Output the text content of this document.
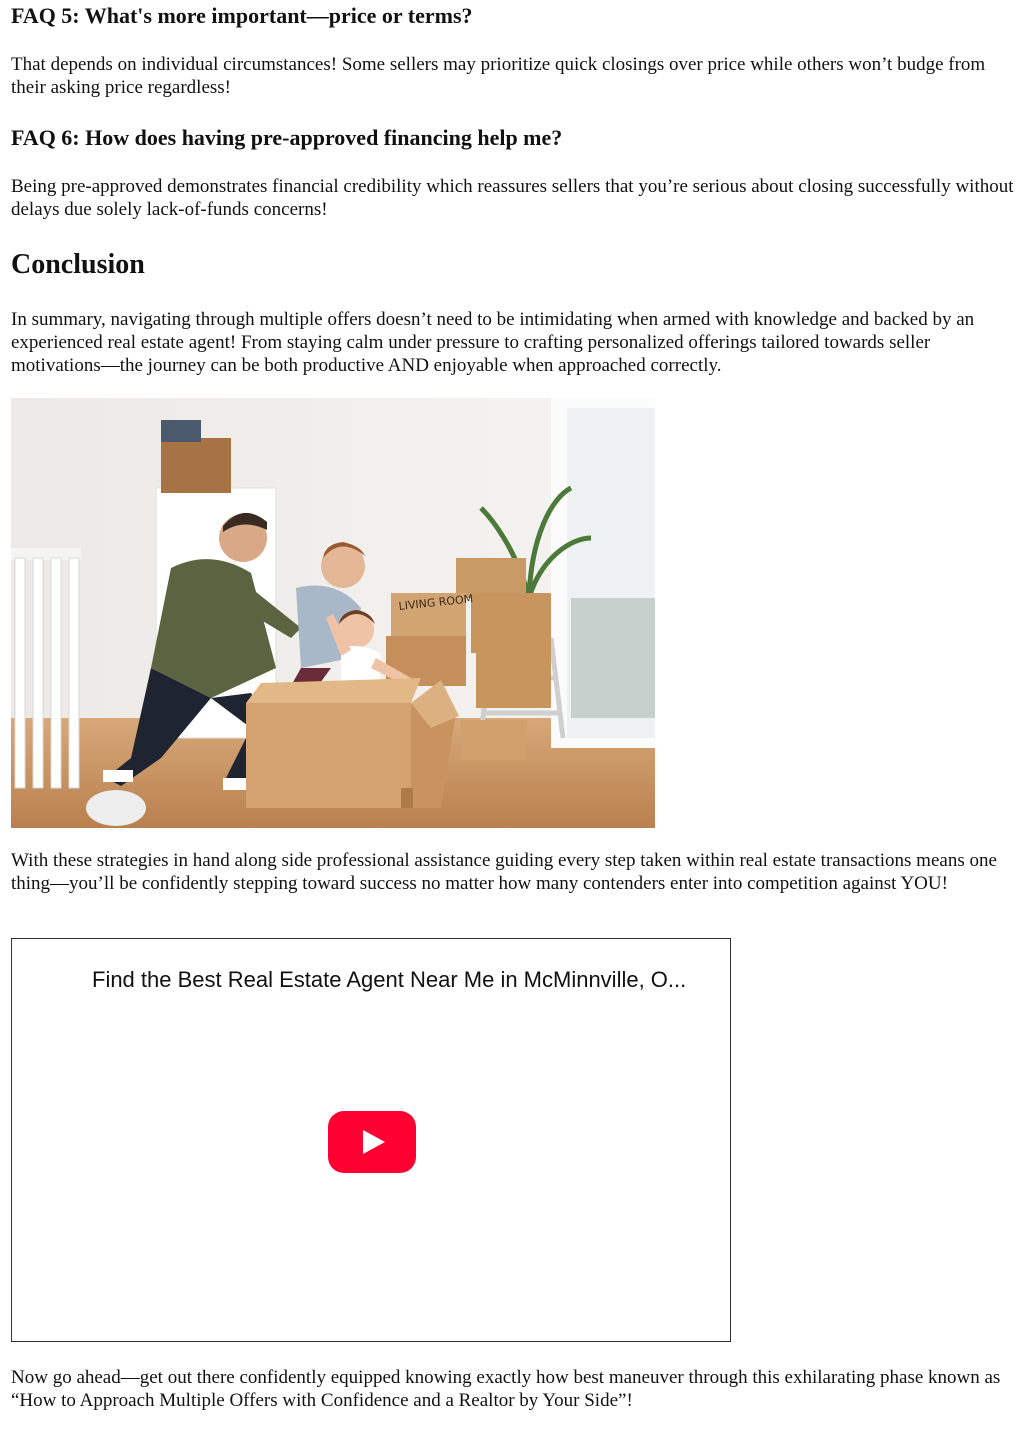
FAQ 5: What's more important—price or terms?

That depends on individual circumstances! Some sellers may prioritize quick closings over price while others won’t budge from their asking price regardless!

FAQ 6: How does having pre-approved financing help me?

Being pre-approved demonstrates financial credibility which reassures sellers that you’re serious about closing successfully without delays due solely lack-of-funds concerns!

Conclusion

In summary, navigating through multiple offers doesn’t need to be intimidating when armed with knowledge and backed by an experienced real estate agent! From staying calm under pressure to crafting personalized offerings tailored towards seller motivations—the journey can be both productive AND enjoyable when approached correctly.

LIVING ROOM

With these strategies in hand along side professional assistance guiding every step taken within real estate transactions means one thing—you’ll be confidently stepping toward success no matter how many contenders enter into competition against YOU!

Find the Best Real Estate Agent Near Me in McMinnville, O...

Now go ahead—get out there confidently equipped knowing exactly how best maneuver through this exhilarating phase known as “How to Approach Multiple Offers with Confidence and a Realtor by Your Side”!
